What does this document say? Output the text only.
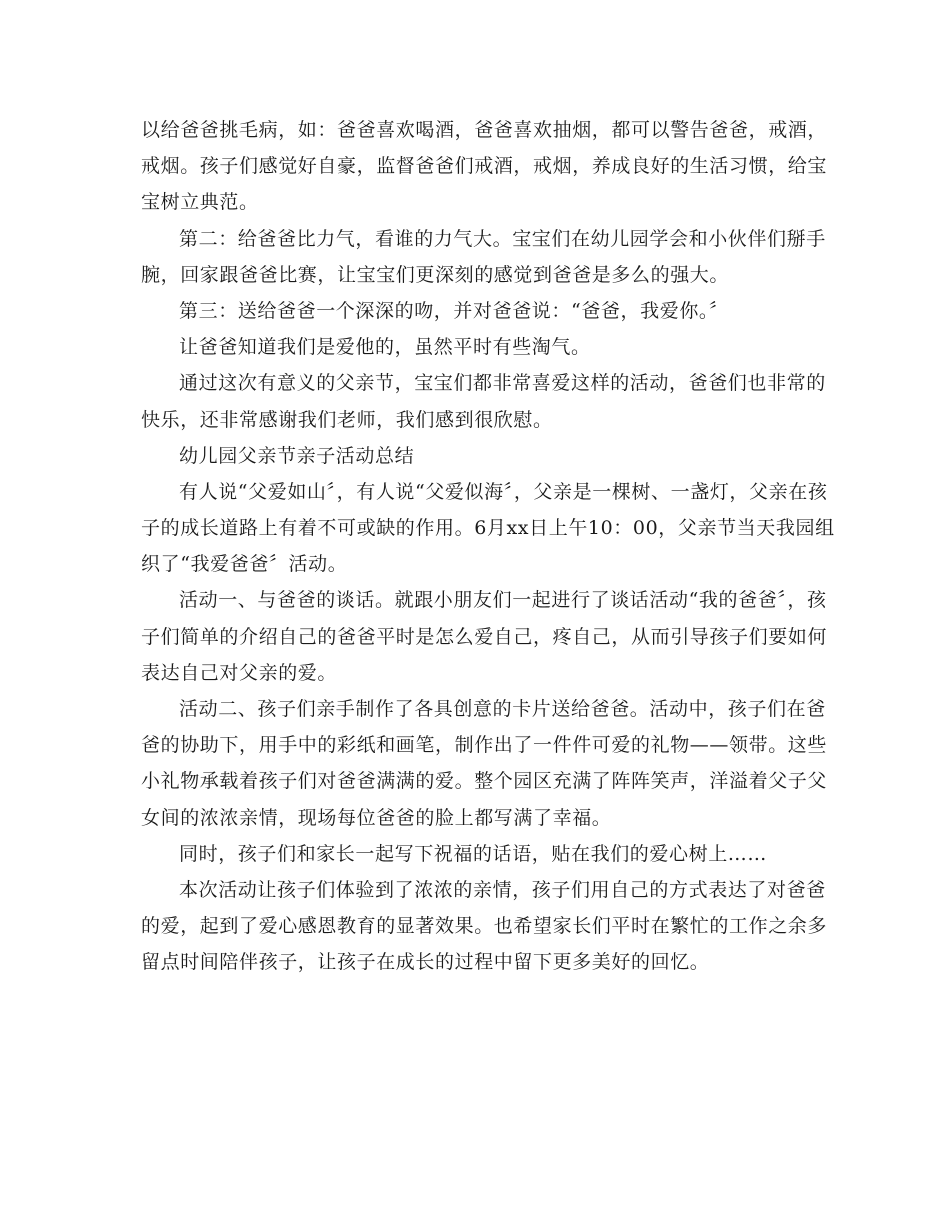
以给爸爸挑毛病，如：爸爸喜欢喝酒，爸爸喜欢抽烟，都可以警告爸爸，戒酒，
戒烟。孩子们感觉好自豪，监督爸爸们戒酒，戒烟，养成良好的生活习惯，给宝
宝树立典范。
第二：给爸爸比力气，看谁的力气大。宝宝们在幼儿园学会和小伙伴们掰手
腕，回家跟爸爸比赛，让宝宝们更深刻的感觉到爸爸是多么的强大。
第三：送给爸爸一个深深的吻，并对爸爸说：“爸爸，我爱你。〞
让爸爸知道我们是爱他的，虽然平时有些淘气。
通过这次有意义的父亲节，宝宝们都非常喜爱这样的活动，爸爸们也非常的
快乐，还非常感谢我们老师，我们感到很欣慰。
幼儿园父亲节亲子活动总结
有人说“父爱如山〞，有人说“父爱似海〞，父亲是一棵树、一盏灯，父亲在孩
子的成长道路上有着不可或缺的作用。6月xx日上午10：00，父亲节当天我园组
织了“我爱爸爸〞活动。
活动一、与爸爸的谈话。就跟小朋友们一起进行了谈话活动“我的爸爸〞，孩
子们简单的介绍自己的爸爸平时是怎么爱自己，疼自己，从而引导孩子们要如何
表达自己对父亲的爱。
活动二、孩子们亲手制作了各具创意的卡片送给爸爸。活动中，孩子们在爸
爸的协助下，用手中的彩纸和画笔，制作出了一件件可爱的礼物——领带。这些
小礼物承载着孩子们对爸爸满满的爱。整个园区充满了阵阵笑声，洋溢着父子父
女间的浓浓亲情，现场每位爸爸的脸上都写满了幸福。
同时，孩子们和家长一起写下祝福的话语，贴在我们的爱心树上……
本次活动让孩子们体验到了浓浓的亲情，孩子们用自己的方式表达了对爸爸
的爱，起到了爱心感恩教育的显著效果。也希望家长们平时在繁忙的工作之余多
留点时间陪伴孩子，让孩子在成长的过程中留下更多美好的回忆。
